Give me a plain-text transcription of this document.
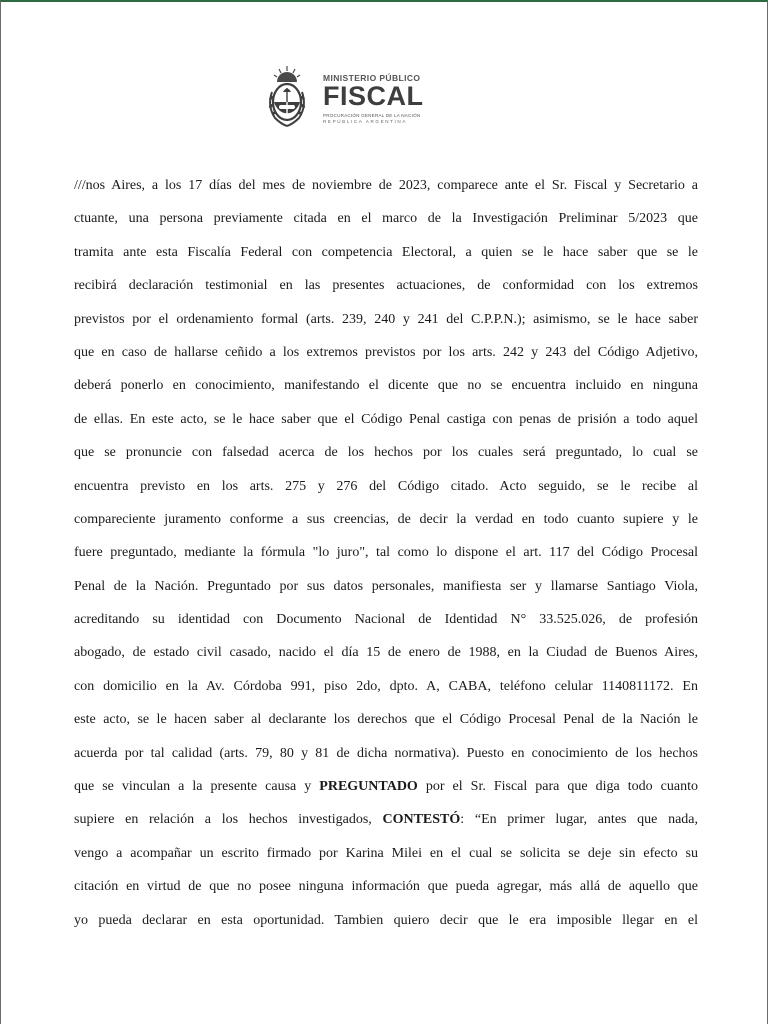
MINISTERIO PÚBLICO
FISCAL
PROCURACIÓN GENERAL DE LA NACIÓN
REPÚBLICA ARGENTINA
///nos Aires, a los 17 días del mes de noviembre de 2023, comparece ante el Sr. Fiscal y Secretario a
ctuante, una persona previamente citada en el marco de la Investigación Preliminar 5/2023 que
tramita ante esta Fiscalía Federal con competencia Electoral, a quien se le hace saber que se le
recibirá declaración testimonial en las presentes actuaciones, de conformidad con los extremos
previstos por el ordenamiento formal (arts. 239, 240 y 241 del C.P.P.N.); asimismo, se le hace saber
que en caso de hallarse ceñido a los extremos previstos por los arts. 242 y 243 del Código Adjetivo,
deberá ponerlo en conocimiento, manifestando el dicente que no se encuentra incluido en ninguna
de ellas. En este acto, se le hace saber que el Código Penal castiga con penas de prisión a todo aquel
que se pronuncie con falsedad acerca de los hechos por los cuales será preguntado, lo cual se
encuentra previsto en los arts. 275 y 276 del Código citado. Acto seguido, se le recibe al
compareciente juramento conforme a sus creencias, de decir la verdad en todo cuanto supiere y le
fuere preguntado, mediante la fórmula "lo juro", tal como lo dispone el art. 117 del Código Procesal
Penal de la Nación. Preguntado por sus datos personales, manifiesta ser y llamarse Santiago Viola,
acreditando su identidad con Documento Nacional de Identidad N° 33.525.026, de profesión
abogado, de estado civil casado, nacido el día 15 de enero de 1988, en la Ciudad de Buenos Aires,
con domicilio en la Av. Córdoba 991, piso 2do, dpto. A, CABA, teléfono celular 1140811172. En
este acto, se le hacen saber al declarante los derechos que el Código Procesal Penal de la Nación le
acuerda por tal calidad (arts. 79, 80 y 81 de dicha normativa). Puesto en conocimiento de los hechos
que se vinculan a la presente causa y PREGUNTADO por el Sr. Fiscal para que diga todo cuanto
supiere en relación a los hechos investigados, CONTESTÓ: “En primer lugar, antes que nada,
vengo a acompañar un escrito firmado por Karina Milei en el cual se solicita se deje sin efecto su
citación en virtud de que no posee ninguna información que pueda agregar, más allá de aquello que
yo pueda declarar en esta oportunidad. Tambien quiero decir que le era imposible llegar en el
